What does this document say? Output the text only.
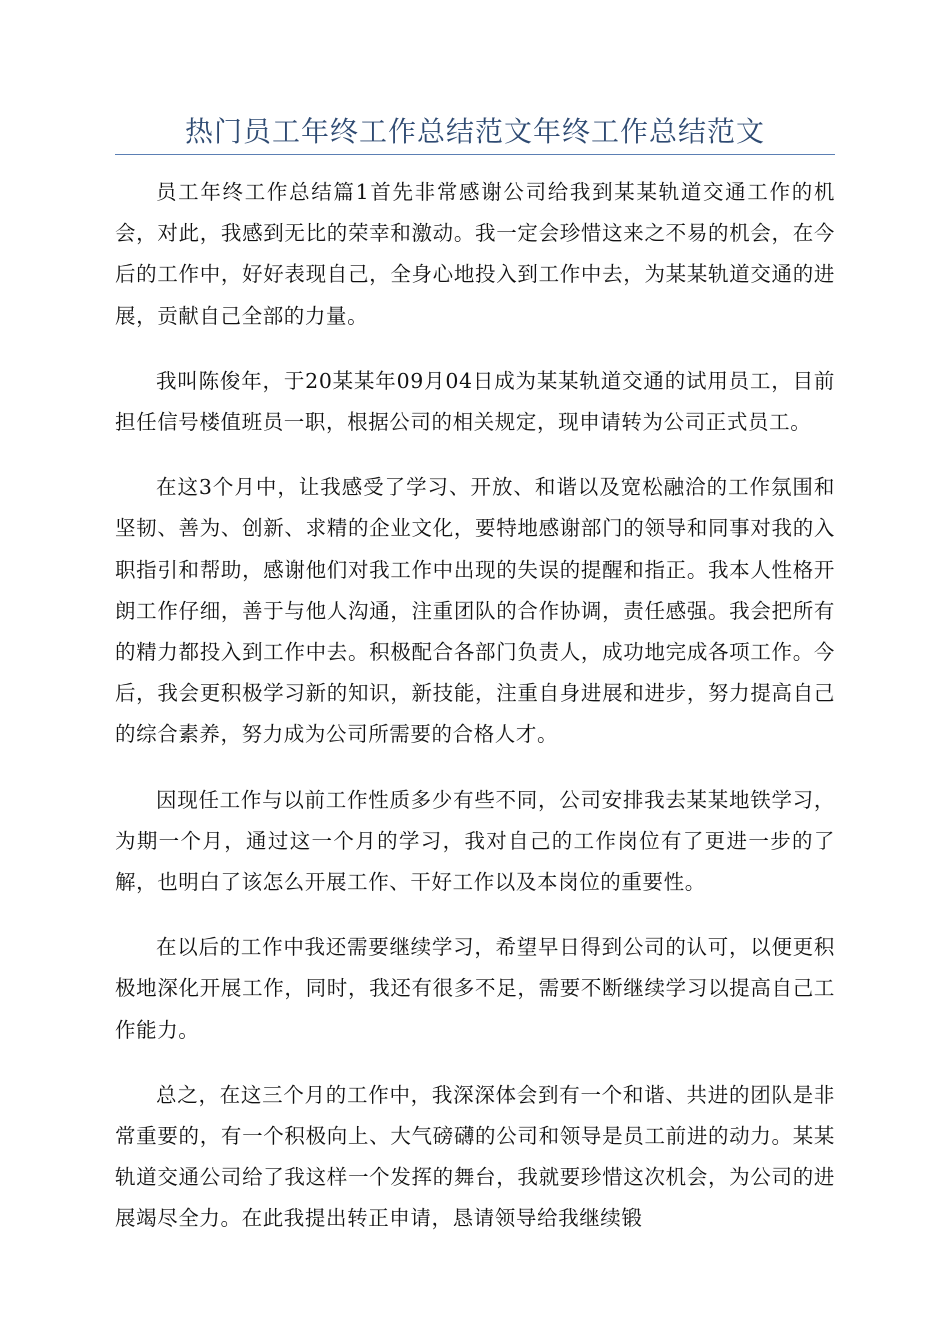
热门员工年终工作总结范文年终工作总结范文

员工年终工作总结篇1首先非常感谢公司给我到某某轨道交通工作的机会，对此，我感到无比的荣幸和激动。我一定会珍惜这来之不易的机会，在今后的工作中，好好表现自己，全身心地投入到工作中去，为某某轨道交通的进展，贡献自己全部的力量。

我叫陈俊年，于20某某年09月04日成为某某轨道交通的试用员工，目前担任信号楼值班员一职，根据公司的相关规定，现申请转为公司正式员工。

在这3个月中，让我感受了学习、开放、和谐以及宽松融洽的工作氛围和坚韧、善为、创新、求精的企业文化，要特地感谢部门的领导和同事对我的入职指引和帮助，感谢他们对我工作中出现的失误的提醒和指正。我本人性格开朗工作仔细，善于与他人沟通，注重团队的合作协调，责任感强。我会把所有的精力都投入到工作中去。积极配合各部门负责人，成功地完成各项工作。今后，我会更积极学习新的知识，新技能，注重自身进展和进步，努力提高自己的综合素养，努力成为公司所需要的合格人才。

因现任工作与以前工作性质多少有些不同，公司安排我去某某地铁学习，为期一个月，通过这一个月的学习，我对自己的工作岗位有了更进一步的了解，也明白了该怎么开展工作、干好工作以及本岗位的重要性。

在以后的工作中我还需要继续学习，希望早日得到公司的认可，以便更积极地深化开展工作，同时，我还有很多不足，需要不断继续学习以提高自己工作能力。

总之，在这三个月的工作中，我深深体会到有一个和谐、共进的团队是非常重要的，有一个积极向上、大气磅礴的公司和领导是员工前进的动力。某某轨道交通公司给了我这样一个发挥的舞台，我就要珍惜这次机会，为公司的进展竭尽全力。在此我提出转正申请，恳请领导给我继续锻
